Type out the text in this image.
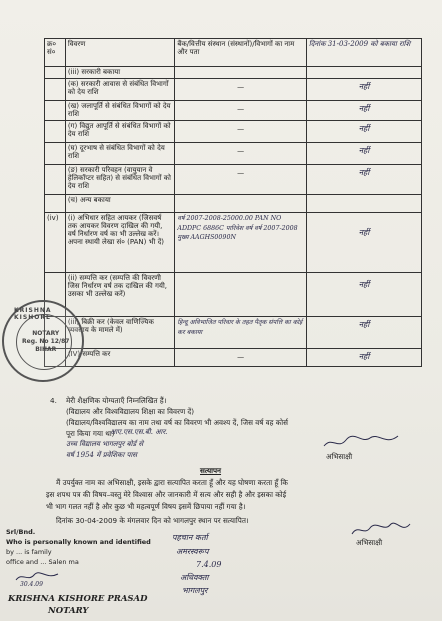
क्र० सं०	विवरण	बैंक/वित्तीय संस्थान (संस्थानों)/विभागों का नाम और पता	दिनांक 31-03-2009 को बकाया राशि
	(iii) सरकारी बकाया		
	(क) सरकारी आवास से संबंधित विभागों को देय राशि	—	नहीं

	(ख) जलापूर्ति से संबंधित विभागों को देय राशि	—	नहीं

	(ग) विद्युत आपूर्ति से संबंधित विभागों को देय राशि	—	नहीं

	(घ) दूरभाष से संबंधित विभागों को देय राशि	—	नहीं

	(ङ) सरकारी परिवहन (वायुयान वे हेलिकॉप्टर सहित) से संबंधित विभागों को देय राशि	—	नहीं

	(च) अन्य बकाया		
(iv)	(i) अभिधार सहित आयकर (जिसवर्ष तक आयकर विवरण दाखिल की गयी, वर्ष निर्धारण वर्ष का भी उल्लेख करें। अपना स्थायी लेखा सं० (PAN) भी दें)	वर्ष 2007-2008-25000.00 PAN NO ADDPC 6886C पारिवेश वर्ष वर्ष 2007-2008 मुख्य AAGHS0090N	नहीं

	(ii) सम्पत्ति कर (सम्पत्ति की विवरणी जिस निर्धारण वर्ष तक दाखिल की गयी, उसका भी उल्लेख करें)		नहीं

	(iii) बिक्री कर (केवल वाणिज्यिक व्यवसाय के मामले में)	हिन्दू अविभाजित परिवार के तहत पैतृक संपत्ति का कोई कर बकाया	नहीं

	(IV) सम्पत्ति कर	—	नहीं
KRISHNA KISHORE
NOTARY
Reg. No 12/87
BIHAR
4. मेरी शैक्षणिक योग्यताएँ निम्नलिखित हैं।
(विद्यालय और विश्वविद्यालय शिक्षा का विवरण दें)
(विद्यालय/विश्वविद्यालय का नाम तथा वर्ष का विवरण भी अवश्य दें, जिस वर्ष वह कोर्स
पूरा किया गया था)
आए.एस.एस.बी. आर.
उच्च विद्यालय भागलपुर बोर्ड से
वर्ष 1954 में प्रवेशिका पास	अभिसाक्षी
सत्यापन
मैं उपर्युक्त नाम का अभिसाक्षी, इसके द्वारा सत्यापित करता हूँ और यह घोषणा करता हूँ कि
इस शपथ पत्र की विषय–वस्तु मेरे विश्वास और जानकारी में सत्य और सही है और इसका कोई
भी भाग गलत नहीं है और कुछ भी महत्वपूर्ण विषय इसमें छिपाया नहीं गया है।
दिनांक 30-04-2009 के मंगलवार दिन को भागलपुर स्थान पर सत्यापित।
अभिसाक्षी
Srl/Bnd.
Who is personally known and identified
by ... is family
office and ... Salen ma
पहचान कर्ता
अमरस्वरूप
7.4.09
अधिवक्ता
भागलपुर
30.4.09
KRISHNA KISHORE PRASAD
NOTARY
